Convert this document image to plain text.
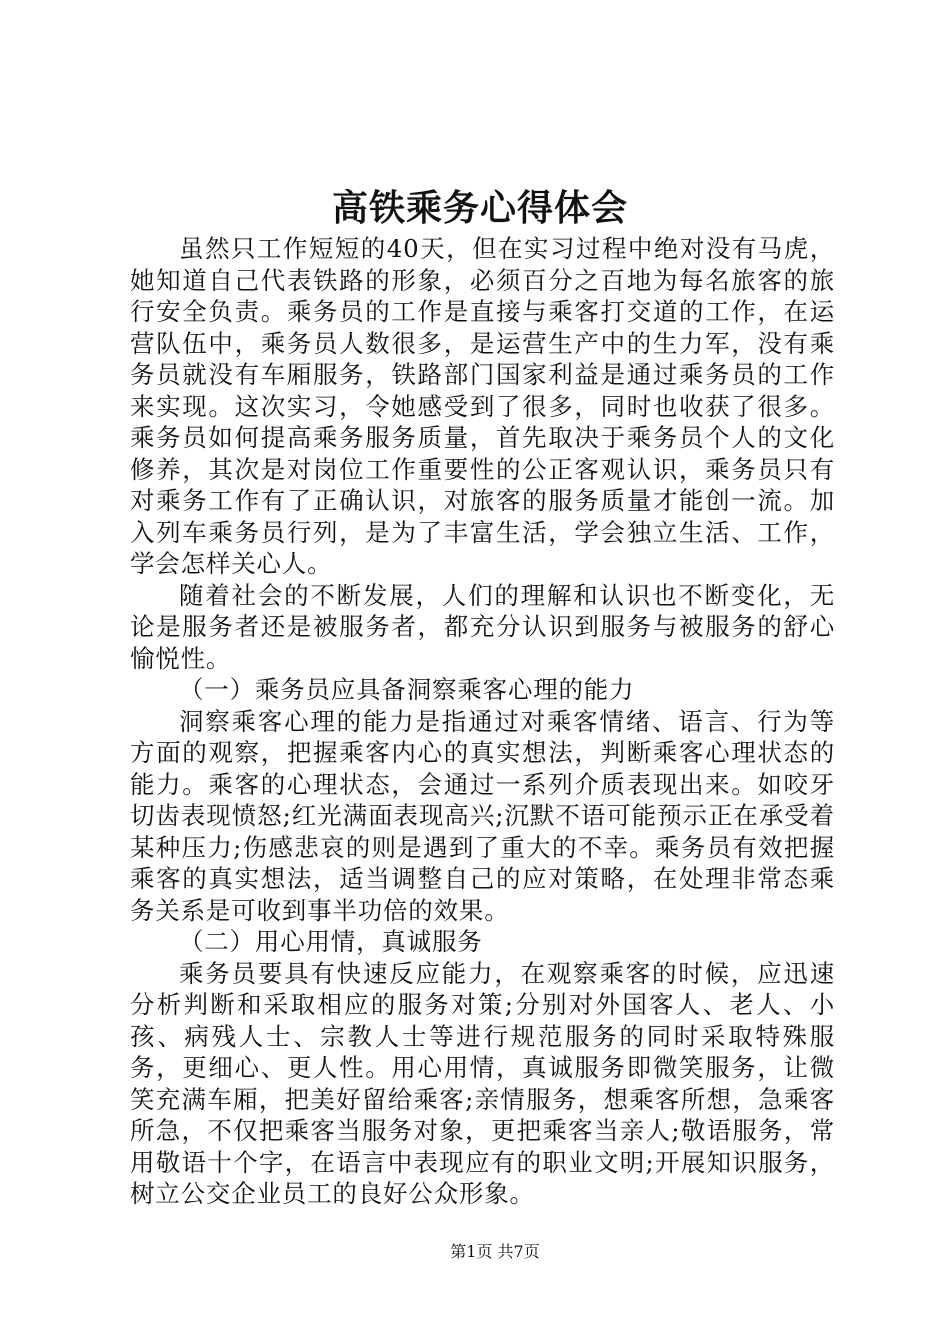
高铁乘务心得体会

虽然只工作短短的40天，但在实习过程中绝对没有马虎，她知道自己代表铁路的形象，必须百分之百地为每名旅客的旅行安全负责。乘务员的工作是直接与乘客打交道的工作，在运营队伍中，乘务员人数很多，是运营生产中的生力军，没有乘务员就没有车厢服务，铁路部门国家利益是通过乘务员的工作来实现。这次实习，令她感受到了很多，同时也收获了很多。乘务员如何提高乘务服务质量，首先取决于乘务员个人的文化修养，其次是对岗位工作重要性的公正客观认识，乘务员只有对乘务工作有了正确认识，对旅客的服务质量才能创一流。加入列车乘务员行列，是为了丰富生活，学会独立生活、工作，学会怎样关心人。

随着社会的不断发展，人们的理解和认识也不断变化，无论是服务者还是被服务者，都充分认识到服务与被服务的舒心愉悦性。

（一）乘务员应具备洞察乘客心理的能力

洞察乘客心理的能力是指通过对乘客情绪、语言、行为等方面的观察，把握乘客内心的真实想法，判断乘客心理状态的能力。乘客的心理状态，会通过一系列介质表现出来。如咬牙切齿表现愤怒;红光满面表现高兴;沉默不语可能预示正在承受着某种压力;伤感悲哀的则是遇到了重大的不幸。乘务员有效把握乘客的真实想法，适当调整自己的应对策略，在处理非常态乘务关系是可收到事半功倍的效果。

（二）用心用情，真诚服务

乘务员要具有快速反应能力，在观察乘客的时候，应迅速分析判断和采取相应的服务对策;分别对外国客人、老人、小孩、病残人士、宗教人士等进行规范服务的同时采取特殊服务，更细心、更人性。用心用情，真诚服务即微笑服务，让微笑充满车厢，把美好留给乘客;亲情服务，想乘客所想，急乘客所急，不仅把乘客当服务对象，更把乘客当亲人;敬语服务，常用敬语十个字，在语言中表现应有的职业文明;开展知识服务，树立公交企业员工的良好公众形象。

第1页 共7页
